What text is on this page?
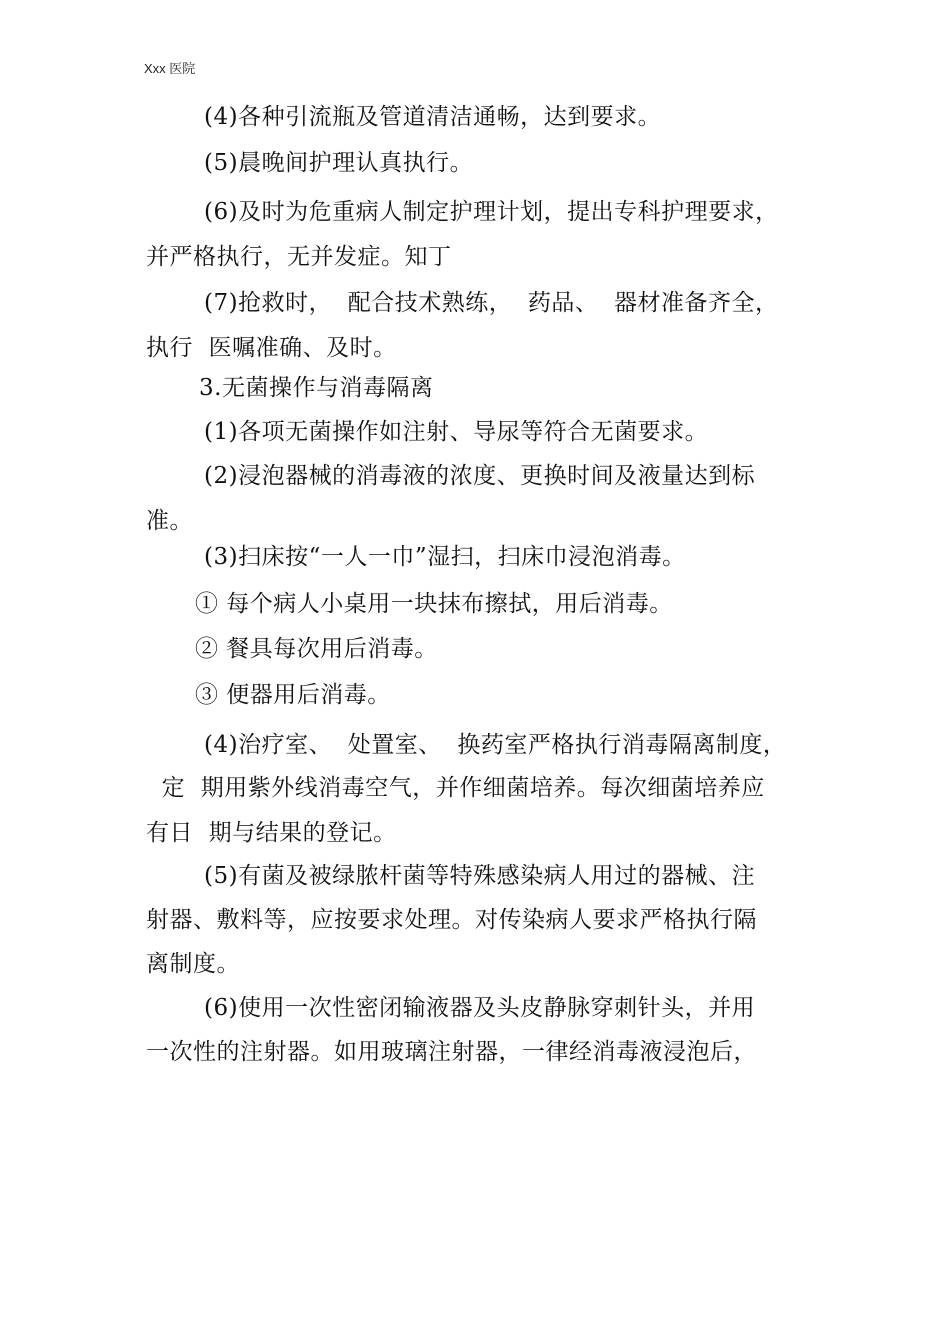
Xxx 医院
(4)各种引流瓶及管道清洁通畅，达到要求。
(5)晨晚间护理认真执行。
(6)及时为危重病人制定护理计划，提出专科护理要求，
并严格执行，无并发症。知丁
(7)抢救时，  配合技术熟练，  药品、  器材准备齐全，
执行  医嘱准确、及时。
3.无菌操作与消毒隔离
(1)各项无菌操作如注射、导尿等符合无菌要求。
(2)浸泡器械的消毒液的浓度、更换时间及液量达到标
准。
(3)扫床按“一人一巾”湿扫，扫床巾浸泡消毒。
① 每个病人小桌用一块抹布擦拭，用后消毒。
② 餐具每次用后消毒。
③ 便器用后消毒。
(4)治疗室、  处置室、  换药室严格执行消毒隔离制度，
定  期用紫外线消毒空气，并作细菌培养。每次细菌培养应
有日  期与结果的登记。
(5)有菌及被绿脓杆菌等特殊感染病人用过的器械、注
射器、敷料等，应按要求处理。对传染病人要求严格执行隔
离制度。
(6)使用一次性密闭输液器及头皮静脉穿刺针头，并用
一次性的注射器。如用玻璃注射器，一律经消毒液浸泡后，
